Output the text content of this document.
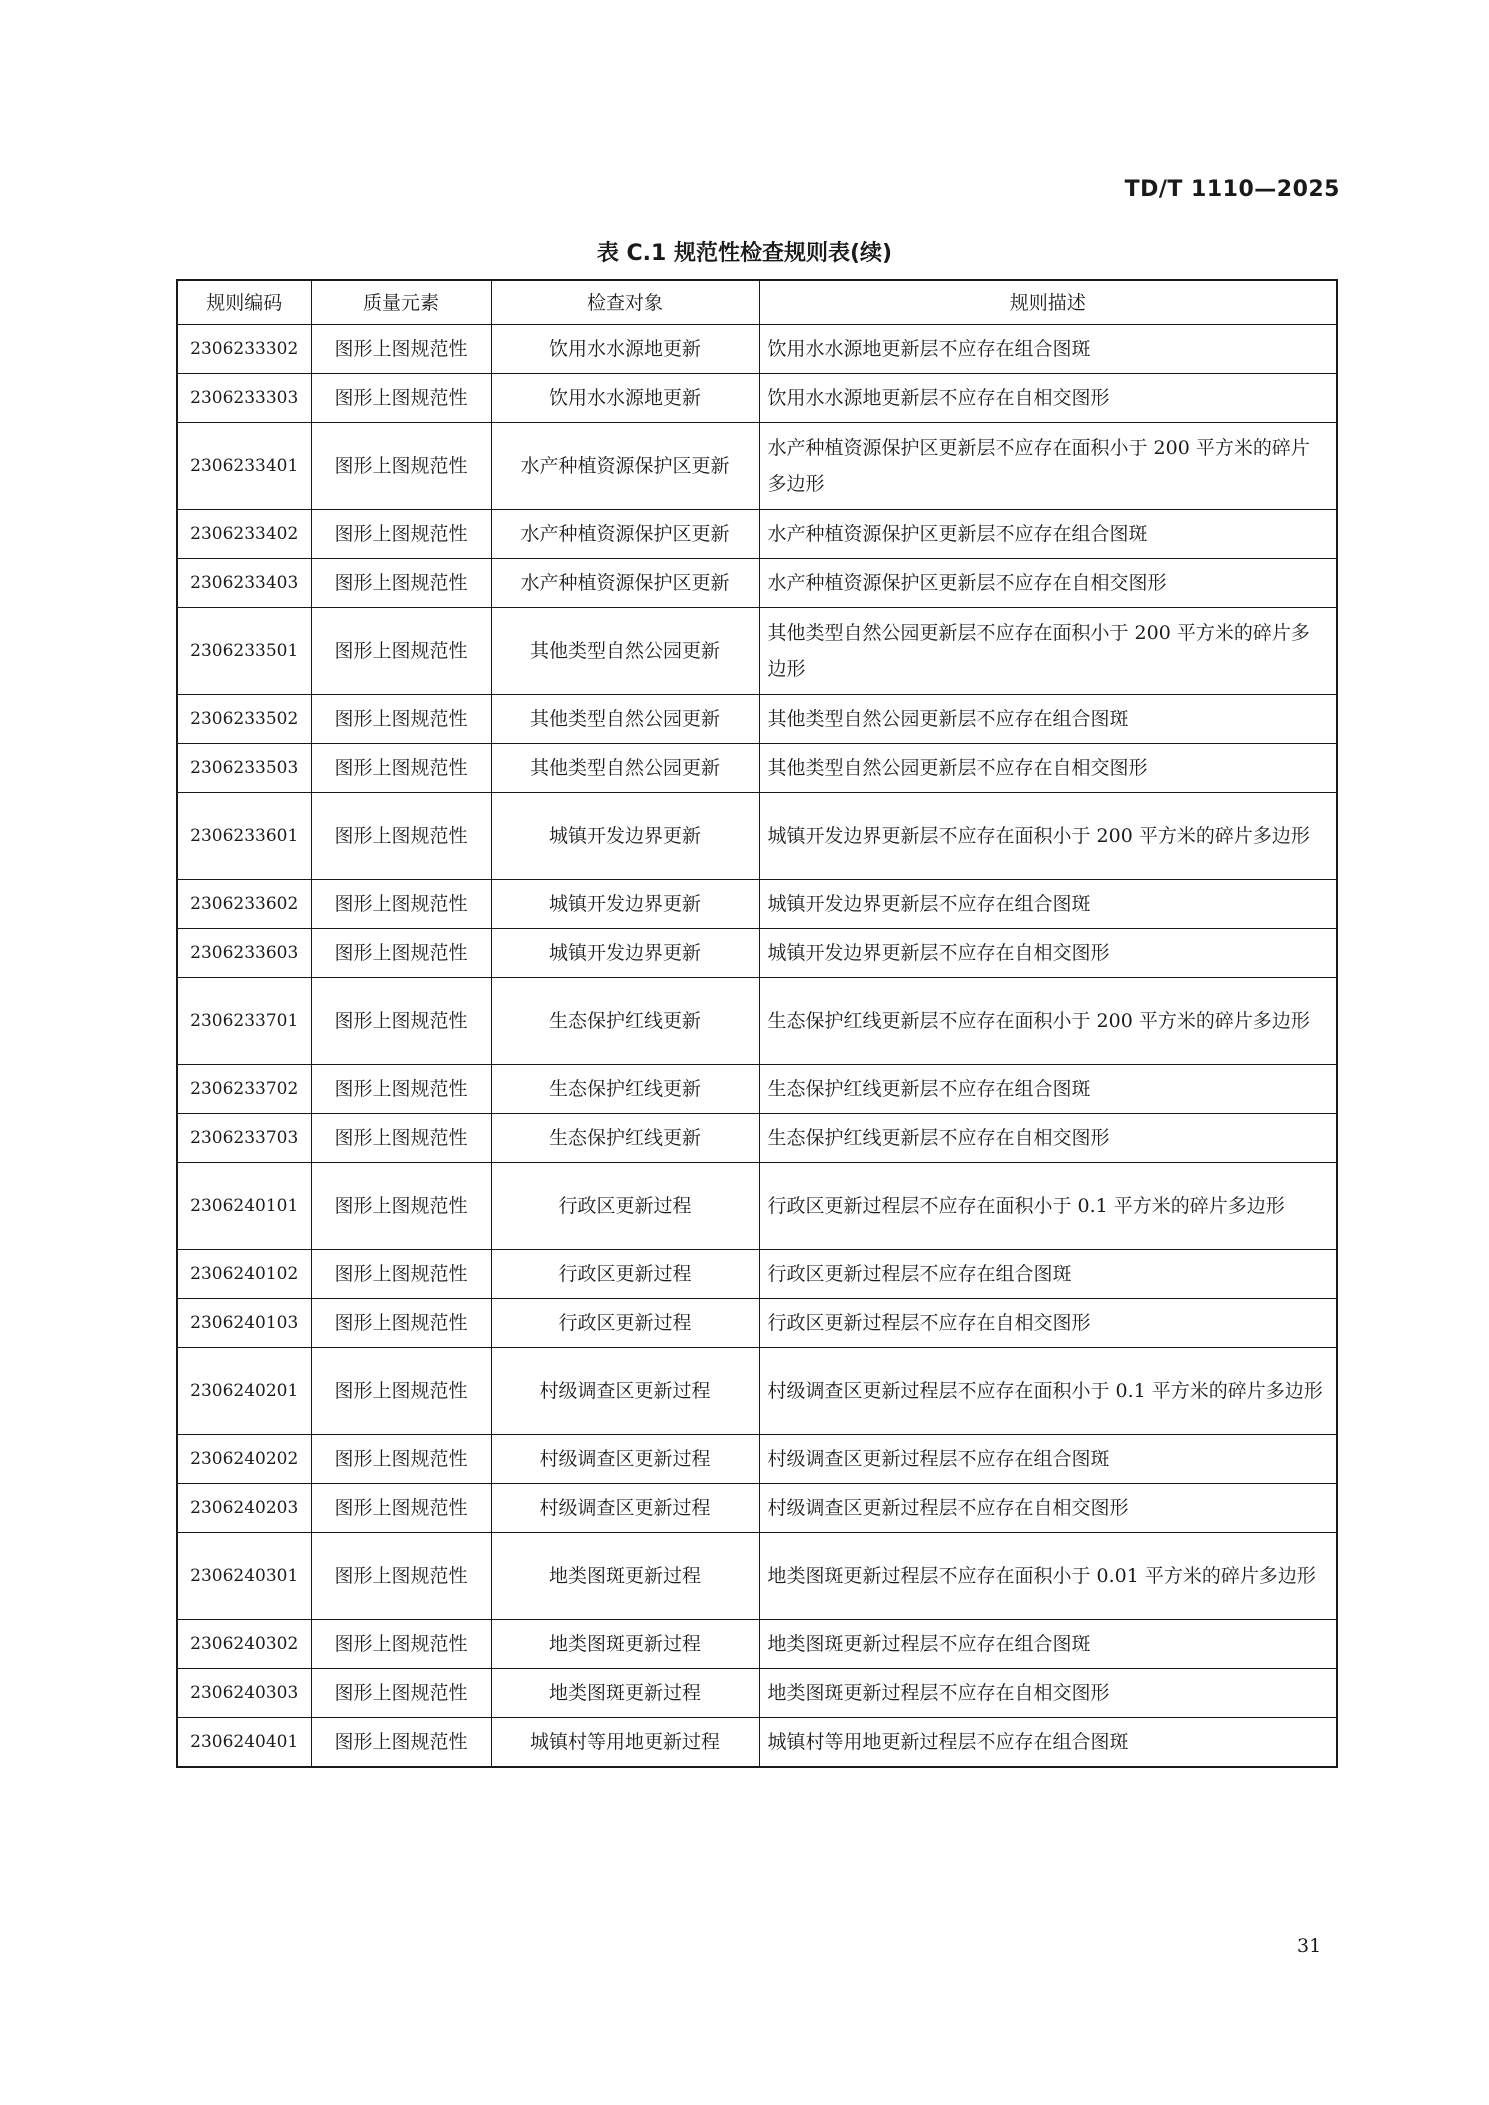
TD/T 1110—2025
表 C.1 规范性检查规则表(续)
规则编码	质量元素	检查对象	规则描述
2306233302	图形上图规范性	饮用水水源地更新	饮用水水源地更新层不应存在组合图斑
2306233303	图形上图规范性	饮用水水源地更新	饮用水水源地更新层不应存在自相交图形
2306233401	图形上图规范性	水产种植资源保护区更新	水产种植资源保护区更新层不应存在面积小于 200 平方米的碎片多边形
2306233402	图形上图规范性	水产种植资源保护区更新	水产种植资源保护区更新层不应存在组合图斑
2306233403	图形上图规范性	水产种植资源保护区更新	水产种植资源保护区更新层不应存在自相交图形
2306233501	图形上图规范性	其他类型自然公园更新	其他类型自然公园更新层不应存在面积小于 200 平方米的碎片多边形
2306233502	图形上图规范性	其他类型自然公园更新	其他类型自然公园更新层不应存在组合图斑
2306233503	图形上图规范性	其他类型自然公园更新	其他类型自然公园更新层不应存在自相交图形
2306233601	图形上图规范性	城镇开发边界更新	城镇开发边界更新层不应存在面积小于 200 平方米的碎片多边形
2306233602	图形上图规范性	城镇开发边界更新	城镇开发边界更新层不应存在组合图斑
2306233603	图形上图规范性	城镇开发边界更新	城镇开发边界更新层不应存在自相交图形
2306233701	图形上图规范性	生态保护红线更新	生态保护红线更新层不应存在面积小于 200 平方米的碎片多边形
2306233702	图形上图规范性	生态保护红线更新	生态保护红线更新层不应存在组合图斑
2306233703	图形上图规范性	生态保护红线更新	生态保护红线更新层不应存在自相交图形
2306240101	图形上图规范性	行政区更新过程	行政区更新过程层不应存在面积小于 0.1 平方米的碎片多边形
2306240102	图形上图规范性	行政区更新过程	行政区更新过程层不应存在组合图斑
2306240103	图形上图规范性	行政区更新过程	行政区更新过程层不应存在自相交图形
2306240201	图形上图规范性	村级调查区更新过程	村级调查区更新过程层不应存在面积小于 0.1 平方米的碎片多边形
2306240202	图形上图规范性	村级调查区更新过程	村级调查区更新过程层不应存在组合图斑
2306240203	图形上图规范性	村级调查区更新过程	村级调查区更新过程层不应存在自相交图形
2306240301	图形上图规范性	地类图斑更新过程	地类图斑更新过程层不应存在面积小于 0.01 平方米的碎片多边形
2306240302	图形上图规范性	地类图斑更新过程	地类图斑更新过程层不应存在组合图斑
2306240303	图形上图规范性	地类图斑更新过程	地类图斑更新过程层不应存在自相交图形
2306240401	图形上图规范性	城镇村等用地更新过程	城镇村等用地更新过程层不应存在组合图斑
31
